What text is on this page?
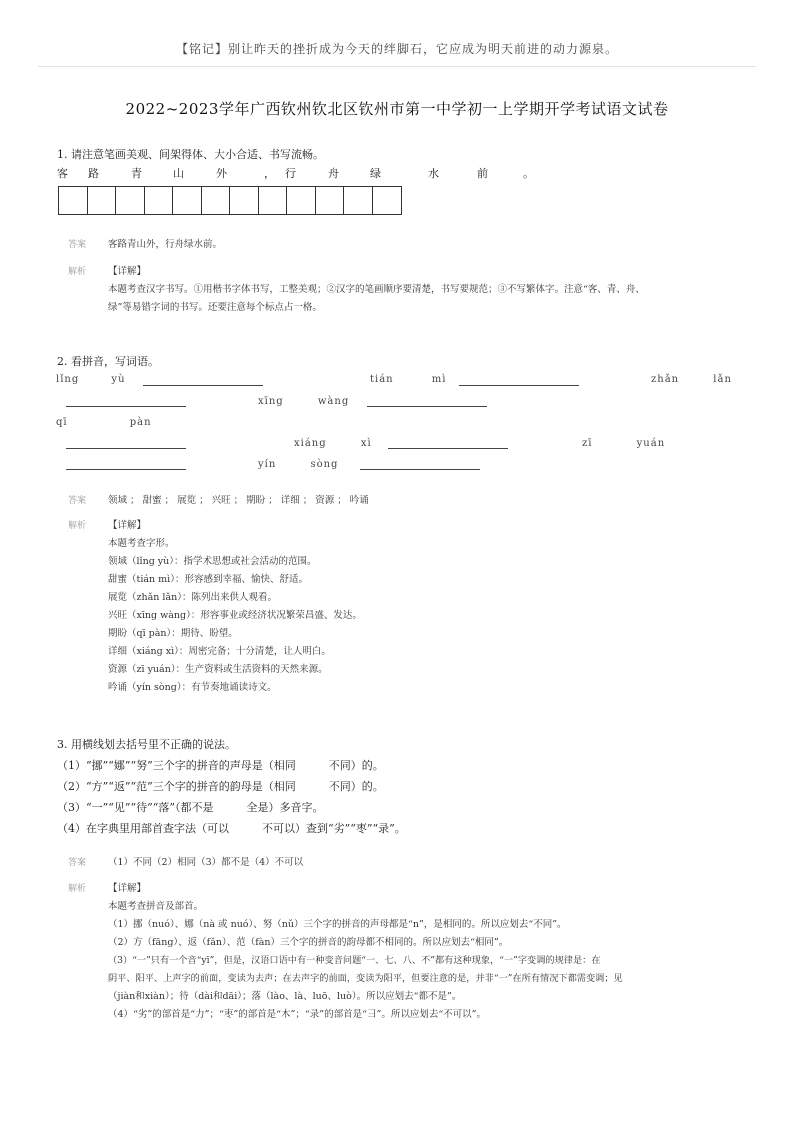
【铭记】别让昨天的挫折成为今天的绊脚石，它应成为明天前进的动力源泉。
2022~2023学年广西钦州钦北区钦州市第一中学初一上学期开学考试语文试卷
1. 请注意笔画美观、间架得体、大小合适、书写流畅。
客 路	青	山	外	， 行	舟	绿	水	前	。
答案 客路青山外，行舟绿水前。
解析 【详解】
本题考查汉字书写。①用楷书字体书写，工整美观；②汉字的笔画顺序要清楚，书写要规范；③不写繁体字。注意“客、青、舟、
绿”等易错字词的书写。还要注意每个标点占一格。
2. 看拼音，写词语。
lǐng yù	tián mì	zhǎn lǎn
xīng wàng
qī pàn
xiáng xì	zī yuán
yín sòng
答案 领域 ； 甜蜜 ； 展览 ； 兴旺 ； 期盼 ； 详细 ； 资源 ； 吟诵
解析 【详解】
本题考查字形。
领域（lǐng yù）：指学术思想或社会活动的范围。
甜蜜（tián mì）：形容感到幸福、愉快、舒适。
展览（zhǎn lǎn）：陈列出来供人观看。
兴旺（xīng wàng）：形容事业或经济状况繁荣昌盛、发达。
期盼（qī pàn）：期待、盼望。
详细（xiáng xì）：周密完备；十分清楚，让人明白。
资源（zī yuán）：生产资料或生活资料的天然来源。
吟诵（yín sòng）：有节奏地诵读诗文。
3. 用横线划去括号里不正确的说法。
（1）“挪”“娜”“努”三个字的拼音的声母是（相同　　　不同）的。
（2）“方”“返”“范”三个字的拼音的韵母是（相同　　　不同）的。
（3）“一”“见”“待”“落”（都不是　　　全是）多音字。
（4）在字典里用部首查字法（可以　　　不可以）查到“劣”“枣”“录”。
答案 （1）不同（2）相同（3）都不是（4）不可以
解析 【详解】
本题考查拼音及部首。
（1）挪（nuó）、娜（nà 或 nuó）、努（nǔ）三个字的拼音的声母都是“n”，是相同的。所以应划去“不同”。
（2）方（fāng）、返（fǎn）、范（fàn）三个字的拼音的韵母都不相同的。所以应划去“相同”。
（3）“一”只有一个音“yī”，但是，汉语口语中有一种变音问题“一、七、八、不”都有这种现象，“一”字变调的规律是：在
阴平、阳平、上声字的前面，变读为去声；在去声字的前面，变读为阳平，但要注意的是，并非“一”在所有情况下都需变调；见
（jiàn和xiàn）；待（dài和dāi）；落（lào、là、luō、luò）。所以应划去“都不是”。
（4）“劣”的部首是“力”；“枣”的部首是“木”；“录”的部首是“彐”。所以应划去“不可以”。
